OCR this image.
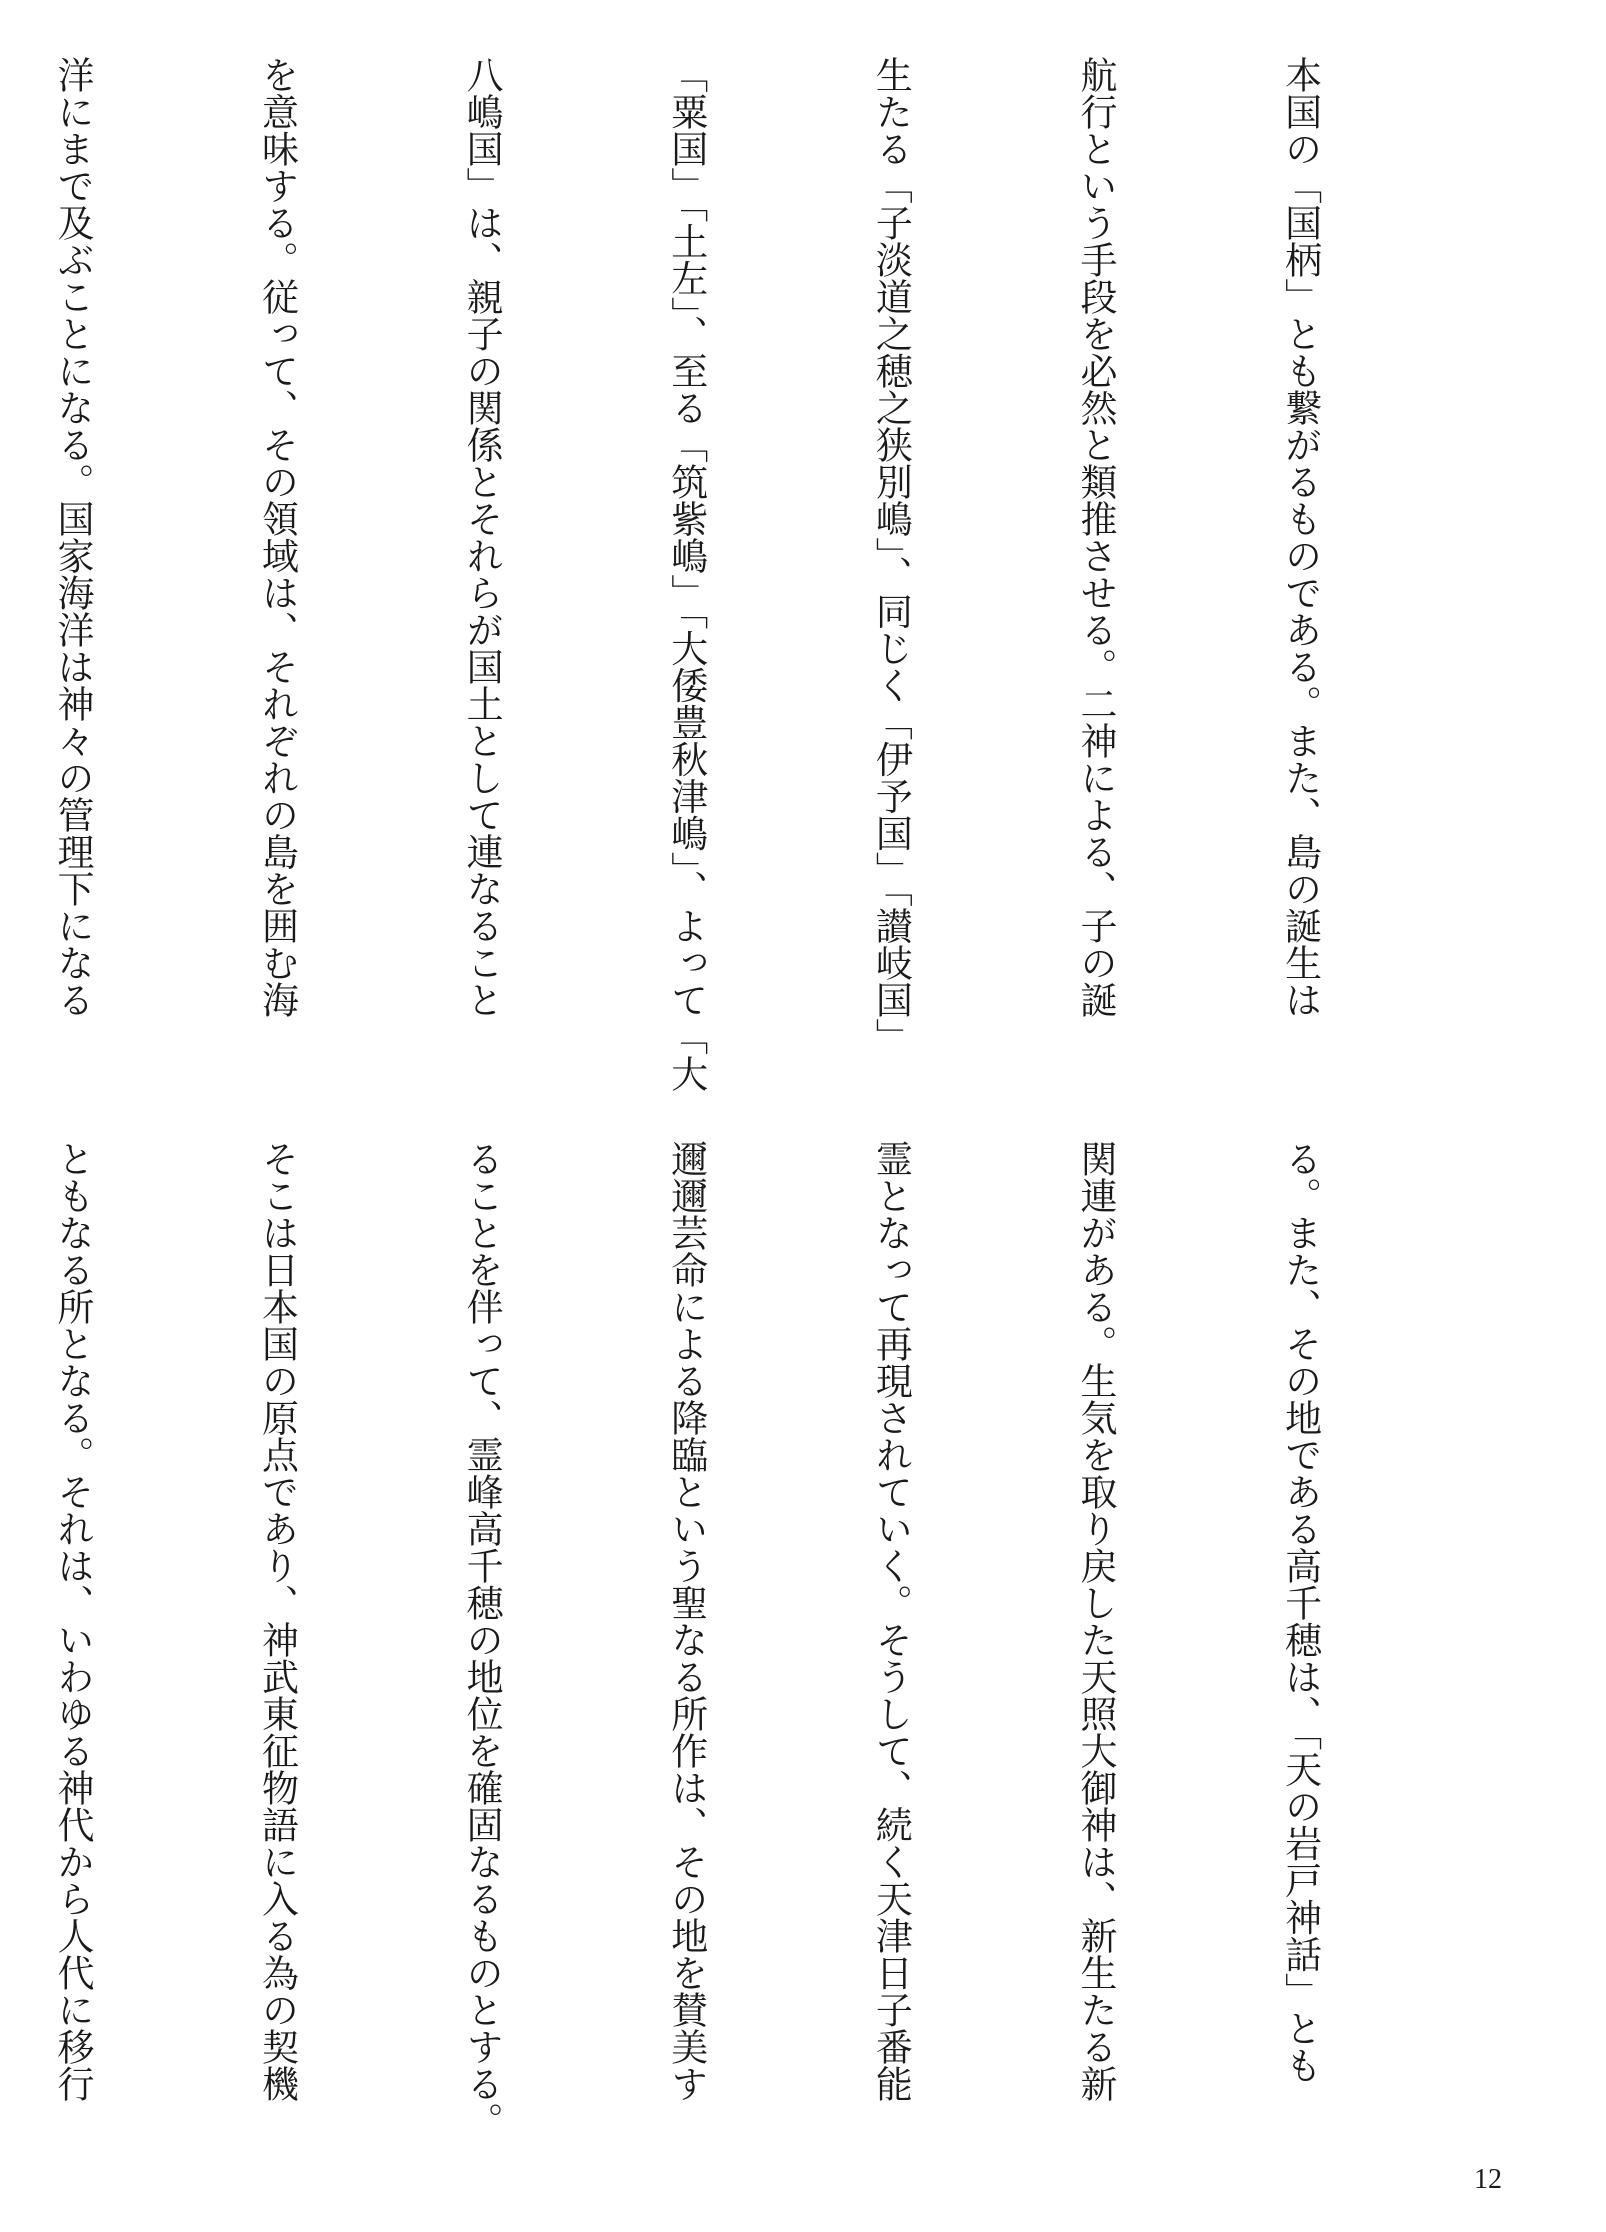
本国の「国柄」とも繋がるものである。また、島の誕生は

航行という手段を必然と類推させる。二神による、子の誕

生たる「子淡道之穂之狭別嶋」、同じく「伊予国」「讃岐国」

「粟国」「土左」、至る「筑紫嶋」「大倭豊秋津嶋」、よって「大

八嶋国」は、親子の関係とそれらが国土として連なること

を意味する。従って、その領域は、それぞれの島を囲む海

洋にまで及ぶことになる。国家海洋は神々の管理下になる

る。また、その地である高千穂は、「天の岩戸神話」とも

関連がある。生気を取り戻した天照大御神は、新生たる新

霊となって再現されていく。そうして、続く天津日子番能

邇邇芸命による降臨という聖なる所作は、その地を賛美す

ることを伴って、霊峰高千穂の地位を確固なるものとする。

そこは日本国の原点であり、神武東征物語に入る為の契機

ともなる所となる。それは、いわゆる神代から人代に移行

12
